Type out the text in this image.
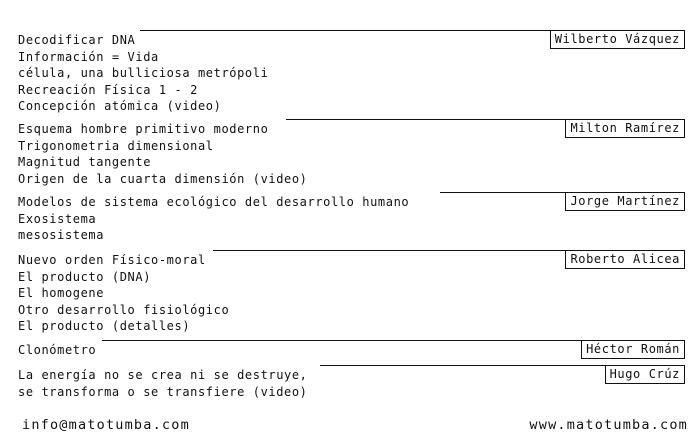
Wilberto Vázquez
Decodificar DNA
Información = Vida
célula, una bulliciosa metrópoli
Recreación Física 1 - 2
Concepción atómica (video)
Milton Ramírez
Esquema hombre primitivo moderno
Trigonometria dimensional
Magnitud tangente
Origen de la cuarta dimensión (video)
Jorge Martínez
Modelos de sistema ecológico del desarrollo humano
Exosistema
mesosistema
Roberto Alicea
Nuevo orden Físico-moral
El producto (DNA)
El homogene
Otro desarrollo fisiológico
El producto (detalles)
Héctor Román
Clonómetro
Hugo Crúz
La energía no se crea ni se destruye,
se transforma o se transfiere (video)
info@matotumba.com	www.matotumba.com
